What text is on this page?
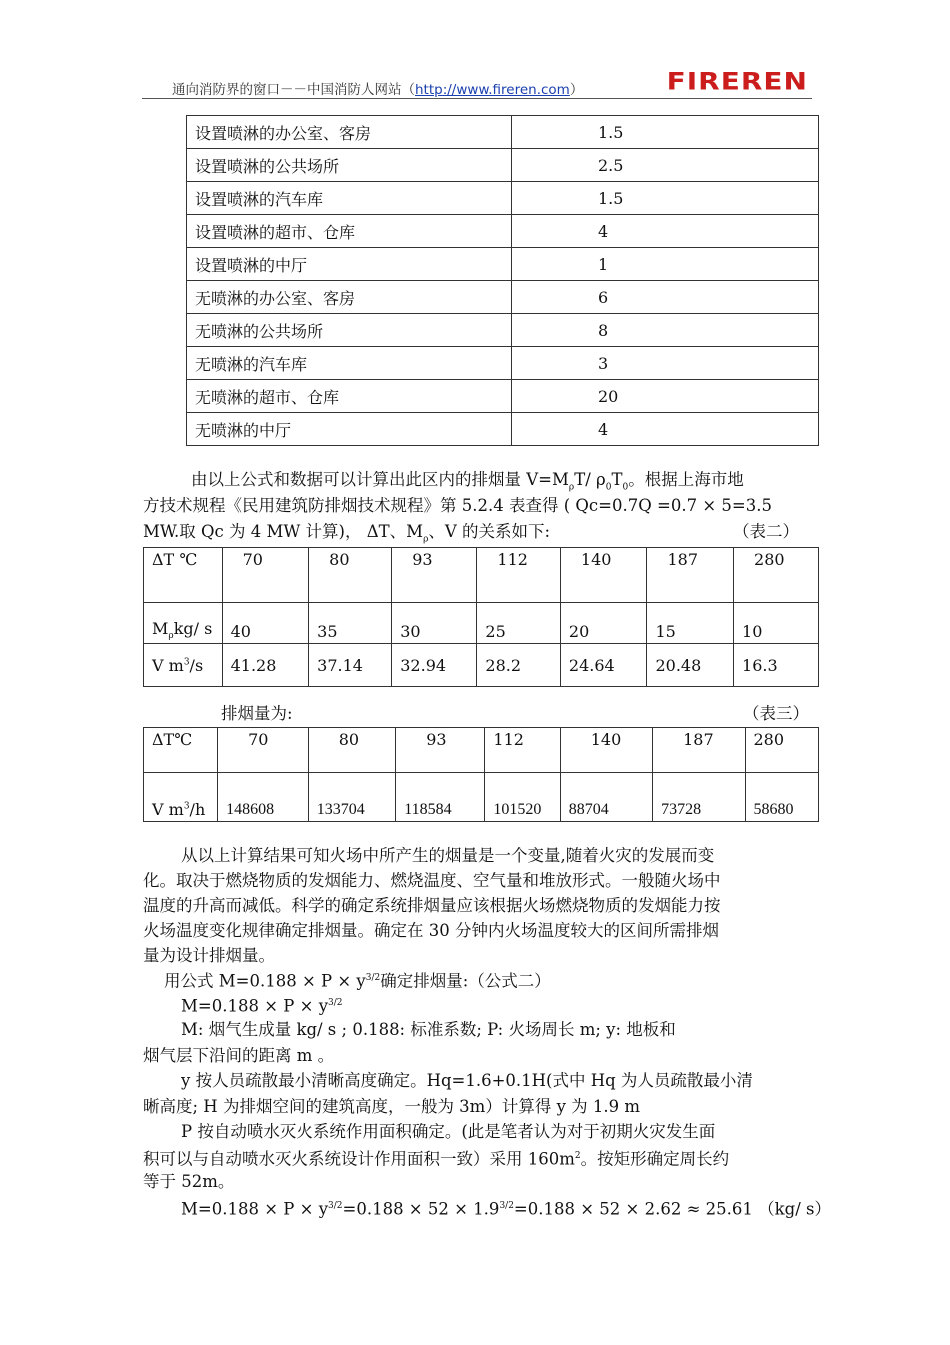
通向消防界的窗口－－中国消防人网站（http://www.fireren.com）	FIREREN
设置喷淋的办公室、客房	1.5
设置喷淋的公共场所	2.5
设置喷淋的汽车库	1.5
设置喷淋的超市、仓库	4
设置喷淋的中厅	1
无喷淋的办公室、客房	6
无喷淋的公共场所	8
无喷淋的汽车库	3
无喷淋的超市、仓库	20
无喷淋的中厅	4
由以上公式和数据可以计算出此区内的排烟量 $V=M_\rho T/$ $\rho_0T_0$。根据上海市地
方技术规程《民用建筑防排烟技术规程》第 5.2.4 表查得 ( Qc=0.7Q =0.7 × 5=3.5
MW.取 Qc 为 4 MW 计算)， ΔT、$M_\rho$、V 的关系如下:	（表二）
ΔT ℃	70	80	93	112	140	187	280
$M_\rho kg/$ s	40	35	30	25	20	15	10
V $m^3/s$	41.28	37.14	32.94	28.2	24.64	20.48	16.3
排烟量为:	（表三）
ΔT℃	70	80	93	112	140	187	280
V $m^3/h$	148608	133704	118584	101520	88704	73728	58680
从以上计算结果可知火场中所产生的烟量是一个变量,随着火灾的发展而变
化。取决于燃烧物质的发烟能力、燃烧温度、空气量和堆放形式。一般随火场中
温度的升高而减低。科学的确定系统排烟量应该根据火场燃烧物质的发烟能力按
火场温度变化规律确定排烟量。确定在 30 分钟内火场温度较大的区间所需排烟
量为设计排烟量。
用公式 $M=0.188 \times P \times y^{3/2}$确定排烟量:（公式二）
$M=0.188 \times P \times y^{3/2}$
M: 烟气生成量 kg/ s ; 0.188: 标准系数; P: 火场周长 m; y: 地板和
烟气层下沿间的距离 m 。
y 按人员疏散最小清晰高度确定。Hq=1.6+0.1H(式中 Hq 为人员疏散最小清
晰高度; H 为排烟空间的建筑高度，一般为 3m）计算得 y 为 1.9 m
P 按自动喷水灭火系统作用面积确定。(此是笔者认为对于初期火灾发生面
积可以与自动喷水灭火系统设计作用面积一致）采用 $160m^2$。按矩形确定周长约
等于 52m。
$M=0.188 \times P \times y^{3/2}=0.188 \times 52 \times 1.9^{3/2}=0.188 \times 52 \times 2.62 \approx 25.61$ （kg/ s）
